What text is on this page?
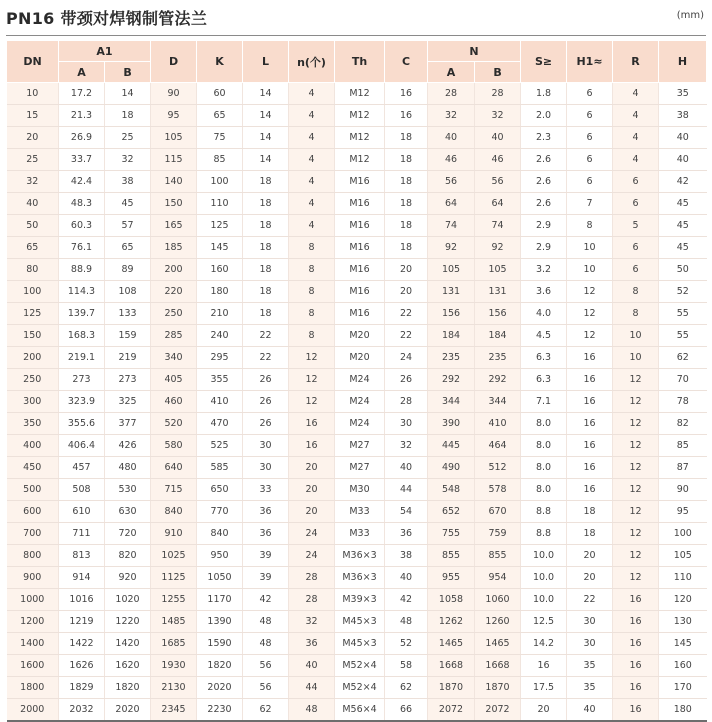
PN16 带颈对焊钢制管法兰	(mm)
DN	A1		D	K	L	n(个)	Th	C	N		S≥	H1≈	R	H
	A	B							A	B				
10	17.2	14	90	60	14	4	M12	16	28	28	1.8	6	4	35
15	21.3	18	95	65	14	4	M12	16	32	32	2.0	6	4	38
20	26.9	25	105	75	14	4	M12	18	40	40	2.3	6	4	40
25	33.7	32	115	85	14	4	M12	18	46	46	2.6	6	4	40
32	42.4	38	140	100	18	4	M16	18	56	56	2.6	6	6	42
40	48.3	45	150	110	18	4	M16	18	64	64	2.6	7	6	45
50	60.3	57	165	125	18	4	M16	18	74	74	2.9	8	5	45
65	76.1	65	185	145	18	8	M16	18	92	92	2.9	10	6	45
80	88.9	89	200	160	18	8	M16	20	105	105	3.2	10	6	50
100	114.3	108	220	180	18	8	M16	20	131	131	3.6	12	8	52
125	139.7	133	250	210	18	8	M16	22	156	156	4.0	12	8	55
150	168.3	159	285	240	22	8	M20	22	184	184	4.5	12	10	55
200	219.1	219	340	295	22	12	M20	24	235	235	6.3	16	10	62
250	273	273	405	355	26	12	M24	26	292	292	6.3	16	12	70
300	323.9	325	460	410	26	12	M24	28	344	344	7.1	16	12	78
350	355.6	377	520	470	26	16	M24	30	390	410	8.0	16	12	82
400	406.4	426	580	525	30	16	M27	32	445	464	8.0	16	12	85
450	457	480	640	585	30	20	M27	40	490	512	8.0	16	12	87
500	508	530	715	650	33	20	M30	44	548	578	8.0	16	12	90
600	610	630	840	770	36	20	M33	54	652	670	8.8	18	12	95
700	711	720	910	840	36	24	M33	36	755	759	8.8	18	12	100
800	813	820	1025	950	39	24	M36×3	38	855	855	10.0	20	12	105
900	914	920	1125	1050	39	28	M36×3	40	955	954	10.0	20	12	110
1000	1016	1020	1255	1170	42	28	M39×3	42	1058	1060	10.0	22	16	120
1200	1219	1220	1485	1390	48	32	M45×3	48	1262	1260	12.5	30	16	130
1400	1422	1420	1685	1590	48	36	M45×3	52	1465	1465	14.2	30	16	145
1600	1626	1620	1930	1820	56	40	M52×4	58	1668	1668	16	35	16	160
1800	1829	1820	2130	2020	56	44	M52×4	62	1870	1870	17.5	35	16	170
2000	2032	2020	2345	2230	62	48	M56×4	66	2072	2072	20	40	16	180
